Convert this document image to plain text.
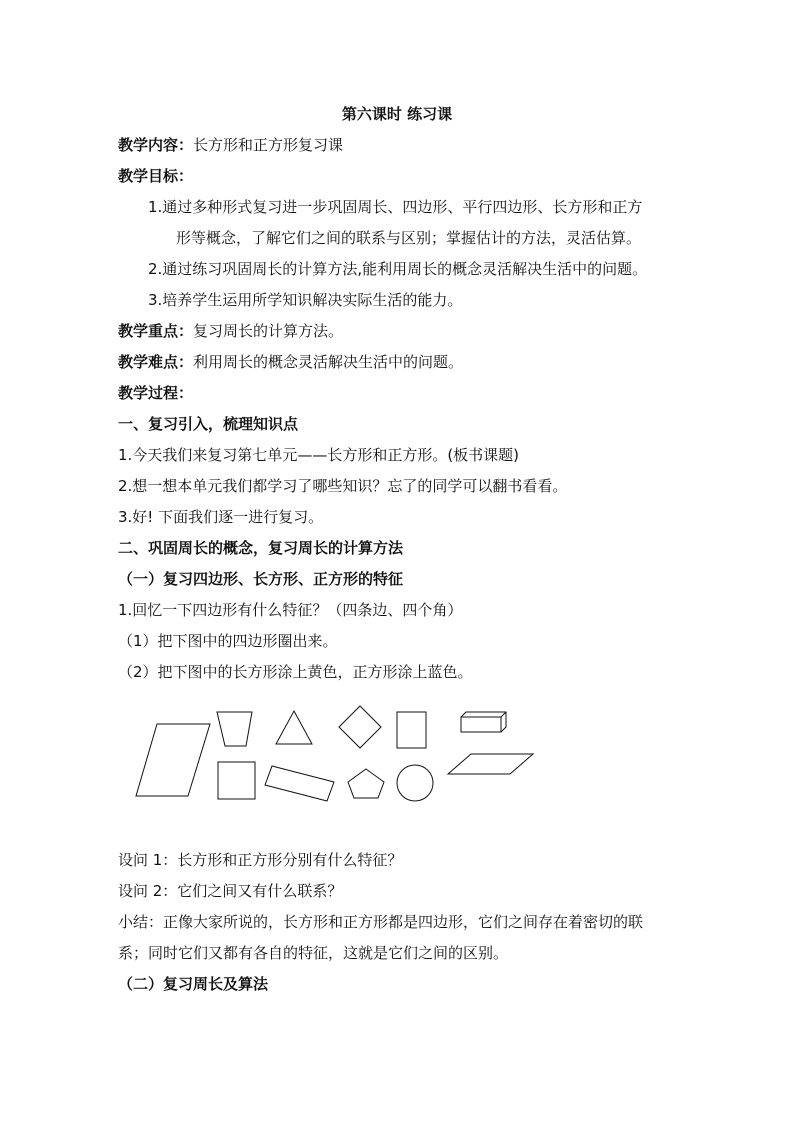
第六课时 练习课
教学内容：长方形和正方形复习课
教学目标：
1.通过多种形式复习进一步巩固周长、四边形、平行四边形、长方形和正方
形等概念，了解它们之间的联系与区别；掌握估计的方法，灵活估算。
2.通过练习巩固周长的计算方法,能利用周长的概念灵活解决生活中的问题。
3.培养学生运用所学知识解决实际生活的能力。
教学重点：复习周长的计算方法。
教学难点：利用周长的概念灵活解决生活中的问题。
教学过程：
一、复习引入，梳理知识点
1.今天我们来复习第七单元——长方形和正方形。(板书课题)
2.想一想本单元我们都学习了哪些知识？忘了的同学可以翻书看看。
3.好! 下面我们逐一进行复习。
二、巩固周长的概念，复习周长的计算方法
（一）复习四边形、长方形、正方形的特征
1.回忆一下四边形有什么特征？（四条边、四个角）
（1）把下图中的四边形圈出来。
（2）把下图中的长方形涂上黄色，正方形涂上蓝色。
设问 1：长方形和正方形分别有什么特征？
设问 2：它们之间又有什么联系？
小结：正像大家所说的，长方形和正方形都是四边形，它们之间存在着密切的联
系；同时它们又都有各自的特征，这就是它们之间的区别。
（二）复习周长及算法
